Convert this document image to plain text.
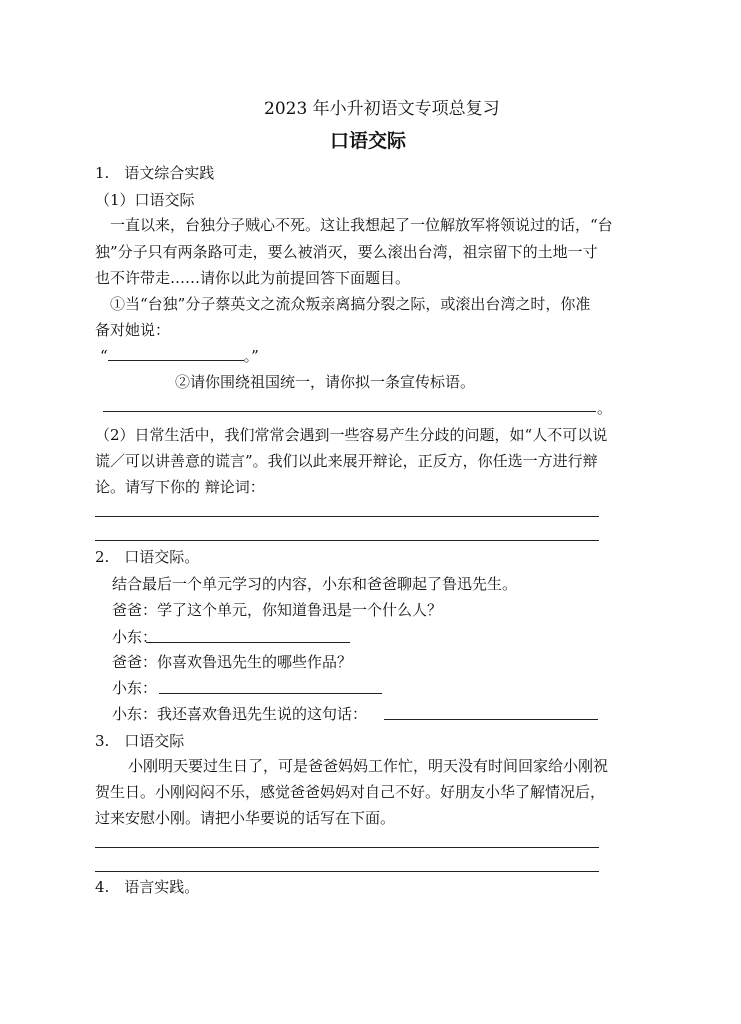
2023 年小升初语文专项总复习
口语交际
1.　语文综合实践
（1）口语交际
一直以来，台独分子贼心不死。这让我想起了一位解放军将领说过的话，“台
独”分子只有两条路可走，要么被消灭，要么滚出台湾，祖宗留下的土地一寸
也不许带走……请你以此为前提回答下面题目。
①当“台独”分子蔡英文之流众叛亲离搞分裂之际，或滚出台湾之时，你准
备对她说：
“	。”
②请你围绕祖国统一，请你拟一条宣传标语。
。
（2）日常生活中，我们常常会遇到一些容易产生分歧的问题，如“人不可以说
谎／可以讲善意的谎言”。我们以此来展开辩论，正反方，你任选一方进行辩
论。请写下你的 辩论词：
2.　口语交际。
结合最后一个单元学习的内容，小东和爸爸聊起了鲁迅先生。
爸爸：学了这个单元，你知道鲁迅是一个什么人？
小东：
爸爸：你喜欢鲁迅先生的哪些作品？
小东：
小东：我还喜欢鲁迅先生说的这句话：
3.　口语交际
小刚明天要过生日了，可是爸爸妈妈工作忙，明天没有时间回家给小刚祝
贺生日。小刚闷闷不乐，感觉爸爸妈妈对自己不好。好朋友小华了解情况后，
过来安慰小刚。请把小华要说的话写在下面。
4.　语言实践。
